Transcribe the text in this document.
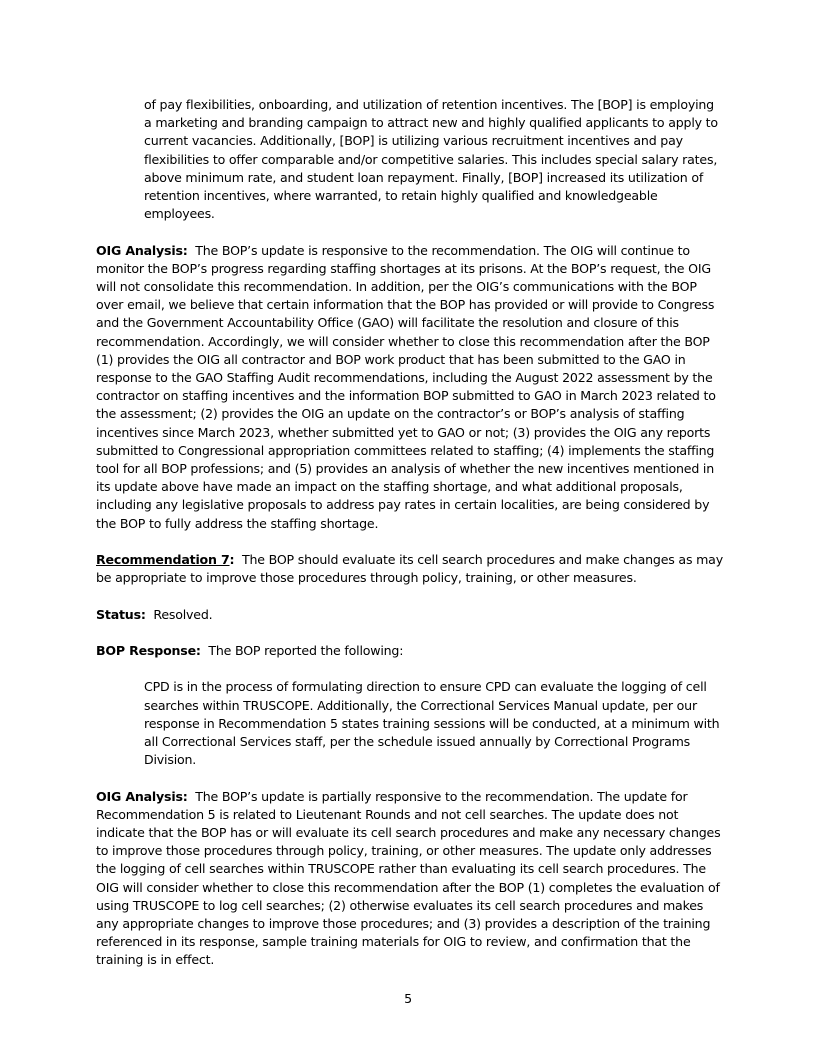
of pay flexibilities, onboarding, and utilization of retention incentives. The [BOP] is employing a marketing and branding campaign to attract new and highly qualified applicants to apply to current vacancies. Additionally, [BOP] is utilizing various recruitment incentives and pay flexibilities to offer comparable and/or competitive salaries. This includes special salary rates, above minimum rate, and student loan repayment. Finally, [BOP] increased its utilization of retention incentives, where warranted, to retain highly qualified and knowledgeable employees.

OIG Analysis: The BOP’s update is responsive to the recommendation. The OIG will continue to monitor the BOP’s progress regarding staffing shortages at its prisons. At the BOP’s request, the OIG will not consolidate this recommendation. In addition, per the OIG’s communications with the BOP over email, we believe that certain information that the BOP has provided or will provide to Congress and the Government Accountability Office (GAO) will facilitate the resolution and closure of this recommendation. Accordingly, we will consider whether to close this recommendation after the BOP (1) provides the OIG all contractor and BOP work product that has been submitted to the GAO in response to the GAO Staffing Audit recommendations, including the August 2022 assessment by the contractor on staffing incentives and the information BOP submitted to GAO in March 2023 related to the assessment; (2) provides the OIG an update on the contractor’s or BOP’s analysis of staffing incentives since March 2023, whether submitted yet to GAO or not; (3) provides the OIG any reports submitted to Congressional appropriation committees related to staffing; (4) implements the staffing tool for all BOP professions; and (5) provides an analysis of whether the new incentives mentioned in its update above have made an impact on the staffing shortage, and what additional proposals, including any legislative proposals to address pay rates in certain localities, are being considered by the BOP to fully address the staffing shortage.

Recommendation 7: The BOP should evaluate its cell search procedures and make changes as may be appropriate to improve those procedures through policy, training, or other measures.

Status: Resolved.

BOP Response: The BOP reported the following:

CPD is in the process of formulating direction to ensure CPD can evaluate the logging of cell searches within TRUSCOPE. Additionally, the Correctional Services Manual update, per our response in Recommendation 5 states training sessions will be conducted, at a minimum with all Correctional Services staff, per the schedule issued annually by Correctional Programs Division.

OIG Analysis: The BOP’s update is partially responsive to the recommendation. The update for Recommendation 5 is related to Lieutenant Rounds and not cell searches. The update does not indicate that the BOP has or will evaluate its cell search procedures and make any necessary changes to improve those procedures through policy, training, or other measures. The update only addresses the logging of cell searches within TRUSCOPE rather than evaluating its cell search procedures. The OIG will consider whether to close this recommendation after the BOP (1) completes the evaluation of using TRUSCOPE to log cell searches; (2) otherwise evaluates its cell search procedures and makes any appropriate changes to improve those procedures; and (3) provides a description of the training referenced in its response, sample training materials for OIG to review, and confirmation that the training is in effect.

5
